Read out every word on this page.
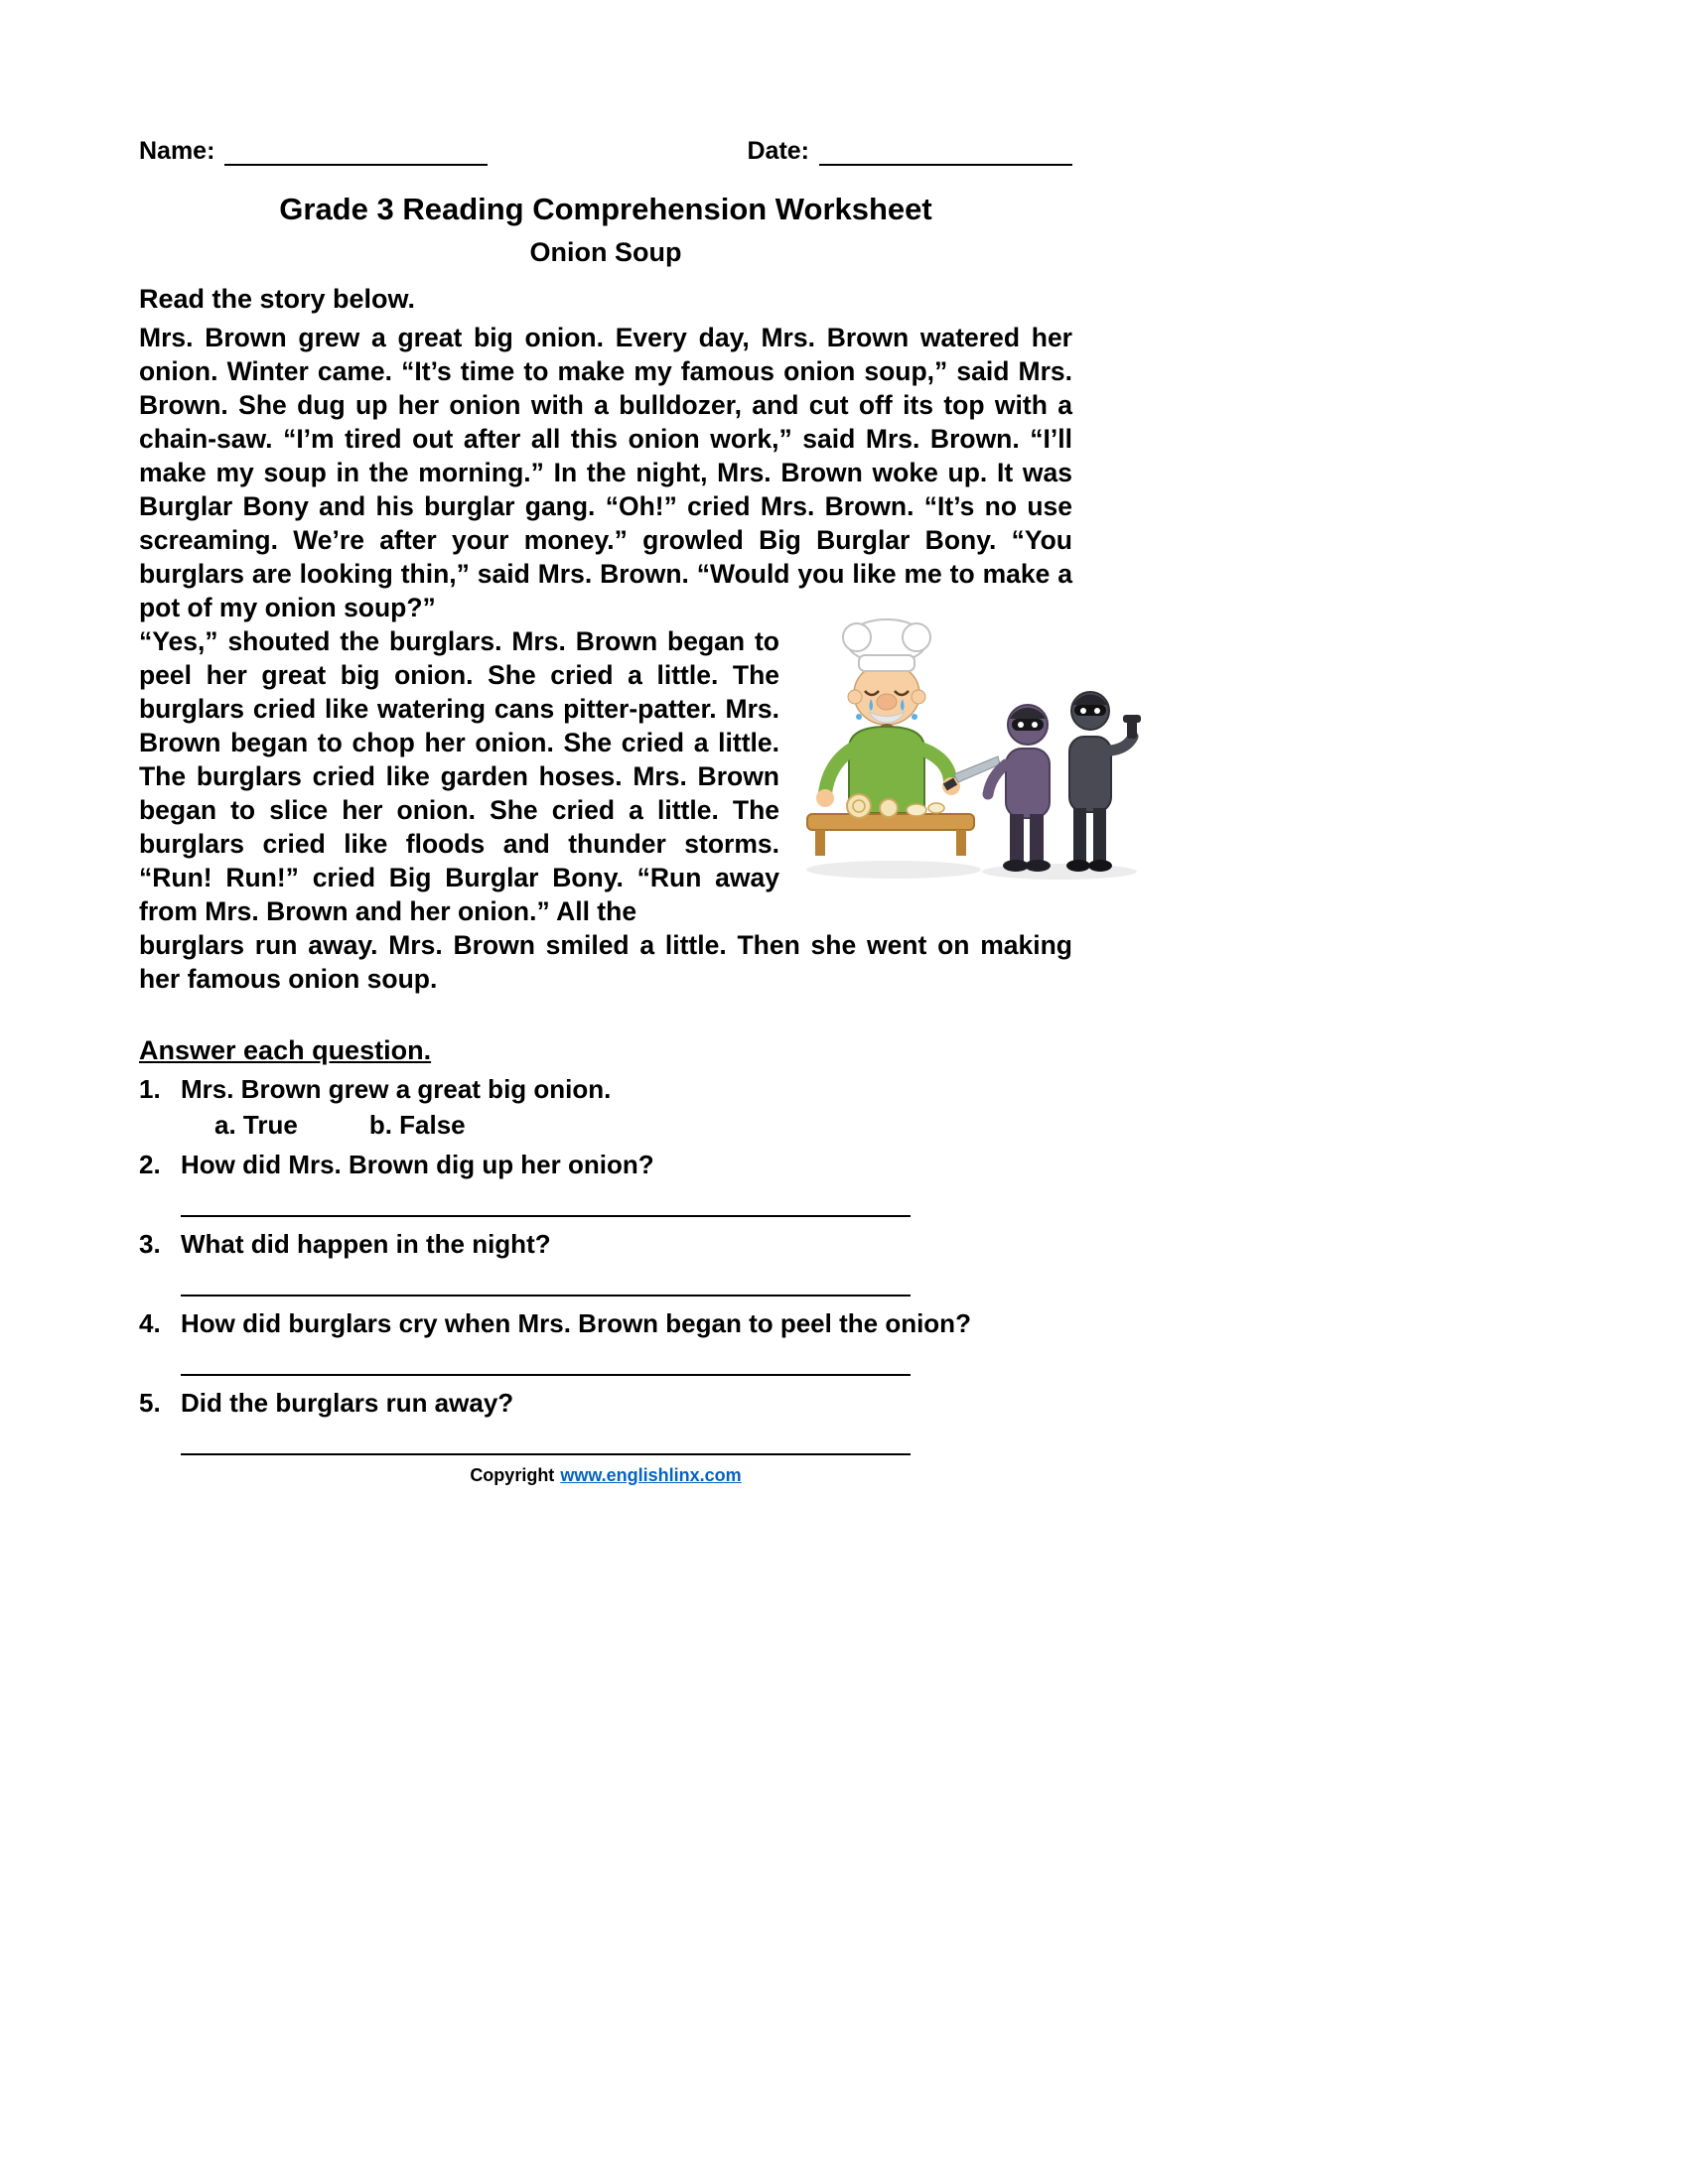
Name:	Date:
Grade 3 Reading Comprehension Worksheet
Onion Soup
Read the story below.

Mrs. Brown grew a great big onion. Every day, Mrs. Brown watered her onion. Winter came. “It’s time to make my famous onion soup,” said Mrs. Brown. She dug up her onion with a bulldozer, and cut off its top with a chain-saw. “I’m tired out after all this onion work,” said Mrs. Brown. “I’ll make my soup in the morning.” In the night, Mrs. Brown woke up. It was Burglar Bony and his burglar gang. “Oh!” cried Mrs. Brown. “It’s no use screaming. We’re after your money.” growled Big Burglar Bony. “You burglars are looking thin,” said Mrs. Brown. “Would you like me to make a pot of my onion soup?”

“Yes,” shouted the burglars. Mrs. Brown began to peel her great big onion. She cried a little. The burglars cried like watering cans pitter-patter. Mrs. Brown began to chop her onion. She cried a little. The burglars cried like garden hoses. Mrs. Brown began to slice her onion. She cried a little. The burglars cried like floods and thunder storms. “Run! Run!” cried Big Burglar Bony. “Run away from Mrs. Brown and her onion.” All the

burglars run away. Mrs. Brown smiled a little. Then she went on making her famous onion soup.

Answer each question.
1. Mrs. Brown grew a great big onion.
a. True	b. False
2. How did Mrs. Brown dig up her onion?
3. What did happen in the night?
4. How did burglars cry when Mrs. Brown began to peel the onion?
5. Did the burglars run away?
Copyright www.englishlinx.com
